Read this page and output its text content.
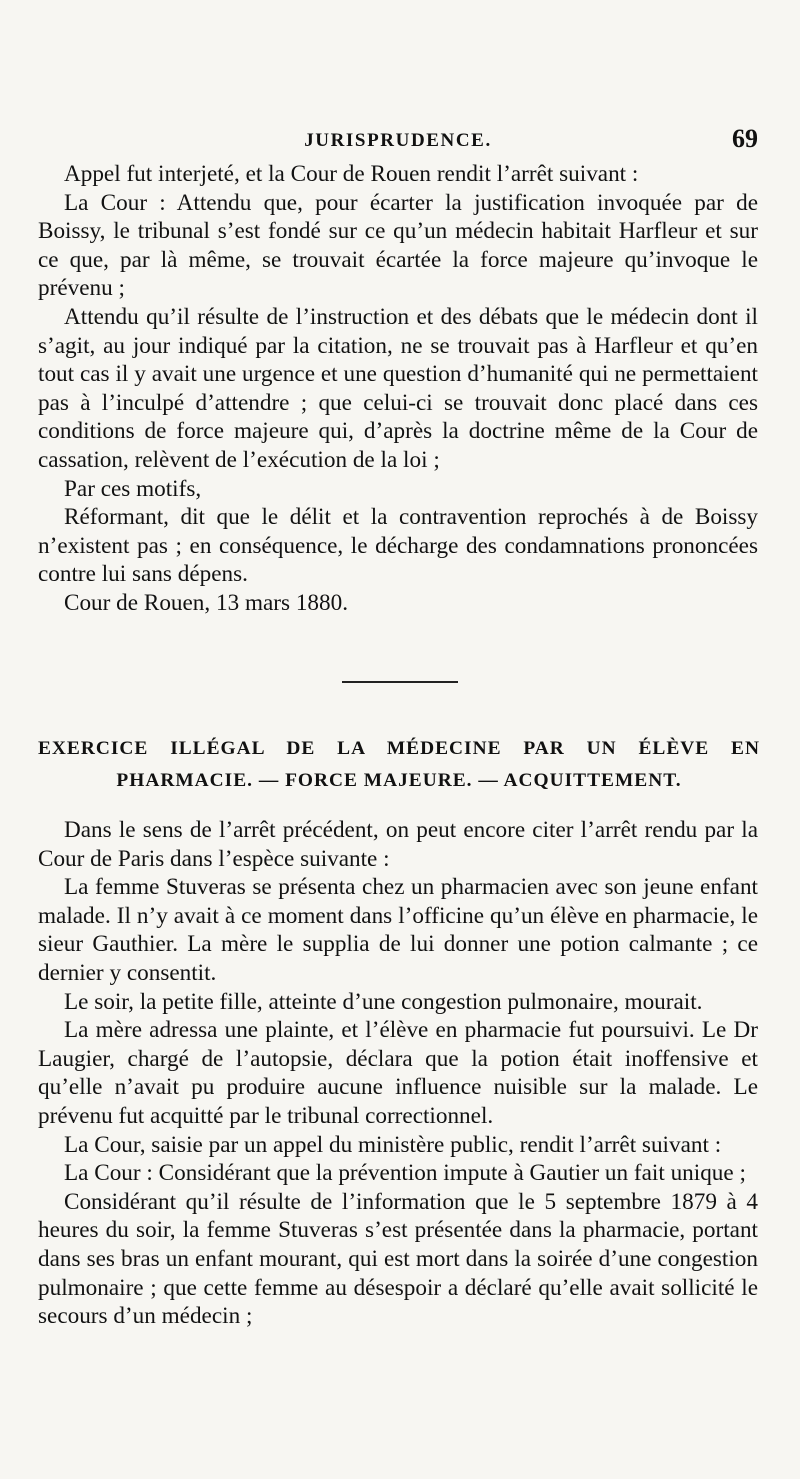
JURISPRUDENCE.	69

Appel fut interjeté, et la Cour de Rouen rendit l’arrêt suivant :

La Cour : Attendu que, pour écarter la justification invoquée par de Boissy, le tribunal s’est fondé sur ce qu’un médecin habitait Harfleur et sur ce que, par là même, se trouvait écartée la force majeure qu’invoque le prévenu ;

Attendu qu’il résulte de l’instruction et des débats que le médecin dont il s’agit, au jour indiqué par la citation, ne se trouvait pas à Harfleur et qu’en tout cas il y avait une urgence et une question d’humanité qui ne permettaient pas à l’inculpé d’attendre ; que celui-ci se trouvait donc placé dans ces conditions de force majeure qui, d’après la doctrine même de la Cour de cassation, relèvent de l’exécution de la loi ;

Par ces motifs,

Réformant, dit que le délit et la contravention reprochés à de Boissy n’existent pas ; en conséquence, le décharge des condamnations prononcées contre lui sans dépens.

Cour de Rouen, 13 mars 1880.

EXERCICE ILLÉGAL DE LA MÉDECINE PAR UN ÉLÈVE EN
PHARMACIE. — FORCE MAJEURE. — ACQUITTEMENT.

Dans le sens de l’arrêt précédent, on peut encore citer l’arrêt rendu par la Cour de Paris dans l’espèce suivante :

La femme Stuveras se présenta chez un pharmacien avec son jeune enfant malade. Il n’y avait à ce moment dans l’officine qu’un élève en pharmacie, le sieur Gauthier. La mère le supplia de lui donner une potion calmante ; ce dernier y consentit.

Le soir, la petite fille, atteinte d’une congestion pulmonaire, mourait.

La mère adressa une plainte, et l’élève en pharmacie fut poursuivi. Le Dr Laugier, chargé de l’autopsie, déclara que la potion était inoffensive et qu’elle n’avait pu produire aucune influence nuisible sur la malade. Le prévenu fut acquitté par le tribunal correctionnel.

La Cour, saisie par un appel du ministère public, rendit l’arrêt suivant :

La Cour : Considérant que la prévention impute à Gautier un fait unique ;

Considérant qu’il résulte de l’information que le 5 septembre 1879 à 4 heures du soir, la femme Stuveras s’est présentée dans la pharmacie, portant dans ses bras un enfant mourant, qui est mort dans la soirée d’une congestion pulmonaire ; que cette femme au désespoir a déclaré qu’elle avait sollicité le secours d’un médecin ;
